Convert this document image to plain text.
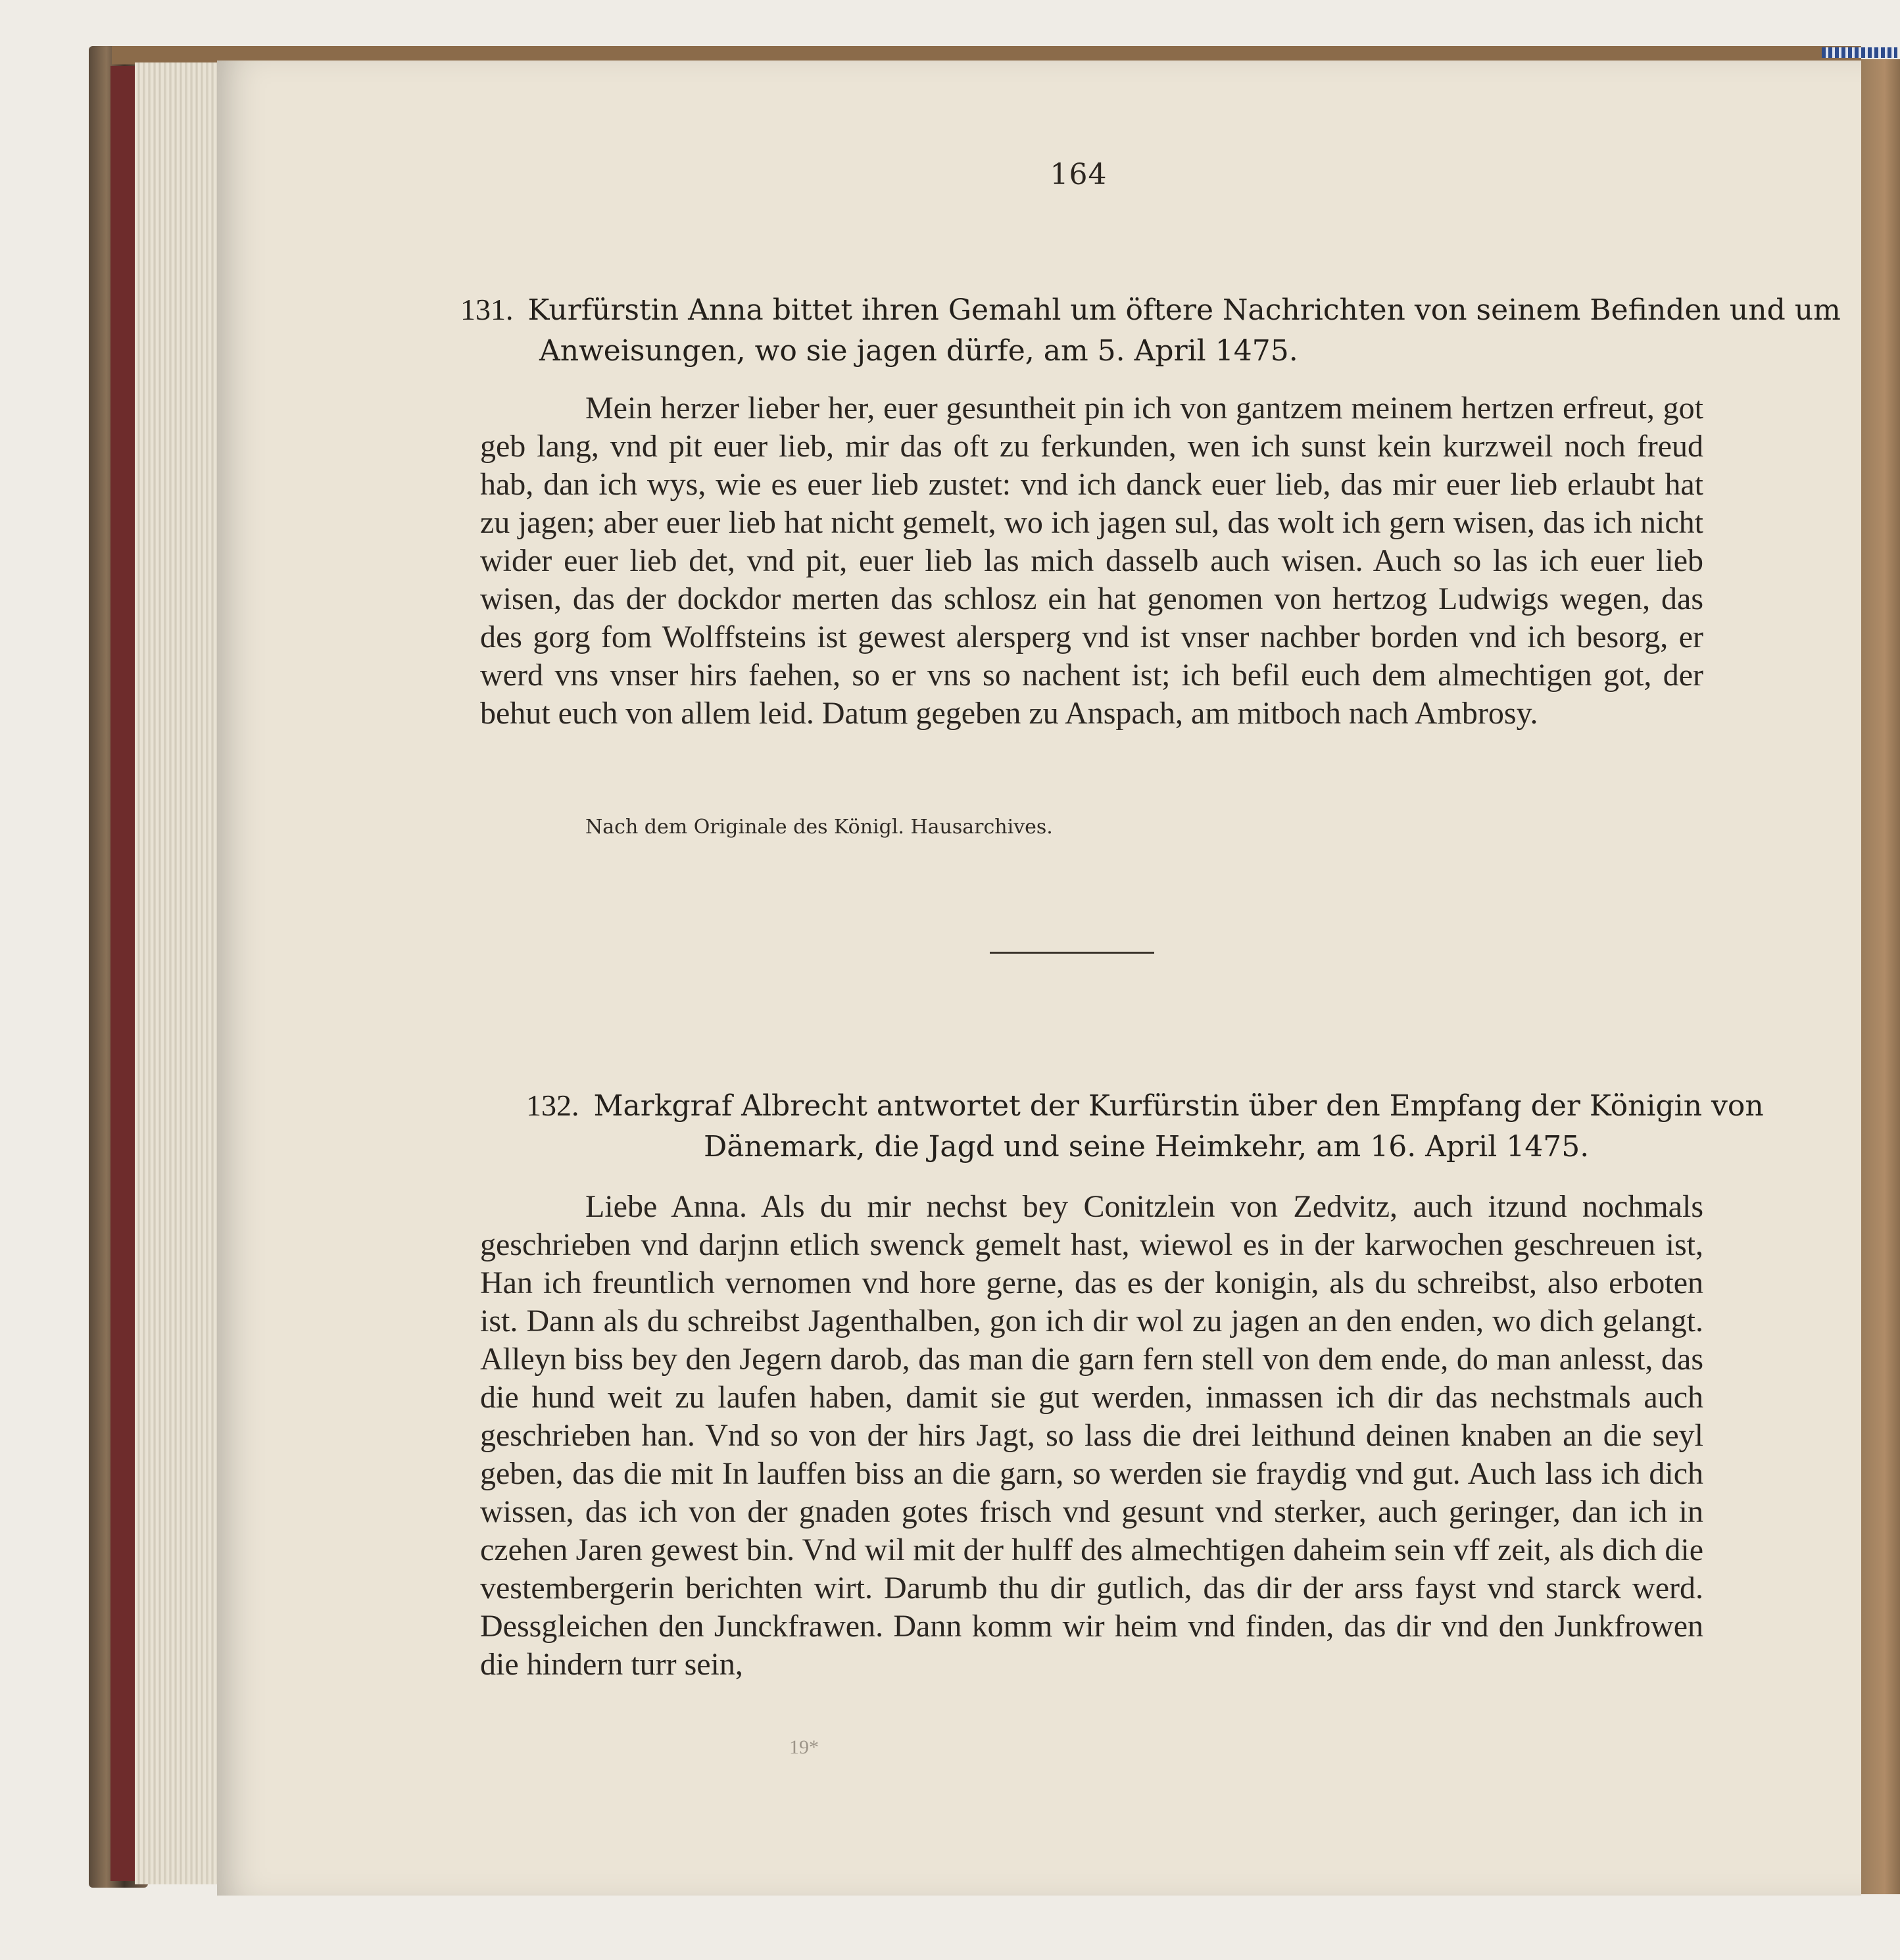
164
131. Kurfürstin Anna bittet ihren Gemahl um öftere Nachrichten von seinem Befinden und um
Anweisungen, wo sie jagen dürfe, am 5. April 1475.

Mein herzer lieber her, euer gesuntheit pin ich von gantzem meinem hertzen erfreut, got geb lang, vnd pit euer lieb, mir das oft zu ferkunden, wen ich sunst kein kurzweil noch freud hab, dan ich wys, wie es euer lieb zustet: vnd ich danck euer lieb, das mir euer lieb erlaubt hat zu jagen; aber euer lieb hat nicht gemelt, wo ich jagen sul, das wolt ich gern wisen, das ich nicht wider euer lieb det, vnd pit, euer lieb las mich dasselb auch wisen. Auch so las ich euer lieb wisen, das der dockdor merten das schlosz ein hat genomen von hertzog Ludwigs wegen, das des gorg fom Wolffsteins ist gewest alersperg vnd ist vnser nachber borden vnd ich besorg, er werd vns vnser hirs faehen, so er vns so nachent ist; ich befil euch dem almechtigen got, der behut euch von allem leid. Datum gegeben zu Anspach, am mitboch nach Ambrosy.

Nach dem Originale des Königl. Hausarchives.
132. Markgraf Albrecht antwortet der Kurfürstin über den Empfang der Königin von
Dänemark, die Jagd und seine Heimkehr, am 16. April 1475.

Liebe Anna. Als du mir nechst bey Conitzlein von Zedvitz, auch itzund nochmals geschrieben vnd darjnn etlich swenck gemelt hast, wiewol es in der karwochen geschreuen ist, Han ich freuntlich vernomen vnd hore gerne, das es der konigin, als du schreibst, also erboten ist. Dann als du schreibst Jagenthalben, gon ich dir wol zu jagen an den enden, wo dich gelangt. Alleyn biss bey den Jegern darob, das man die garn fern stell von dem ende, do man anlesst, das die hund weit zu laufen haben, damit sie gut werden, inmassen ich dir das nechstmals auch geschrieben han. Vnd so von der hirs Jagt, so lass die drei leithund deinen knaben an die seyl geben, das die mit In lauffen biss an die garn, so werden sie fraydig vnd gut. Auch lass ich dich wissen, das ich von der gnaden gotes frisch vnd gesunt vnd sterker, auch geringer, dan ich in czehen Jaren gewest bin. Vnd wil mit der hulff des almechtigen daheim sein vff zeit, als dich die vestembergerin berichten wirt. Darumb thu dir gutlich, das dir der arss fayst vnd starck werd. Dessgleichen den Junckfrawen. Dann komm wir heim vnd finden, das dir vnd den Junkfrowen die hindern turr sein,

19*
